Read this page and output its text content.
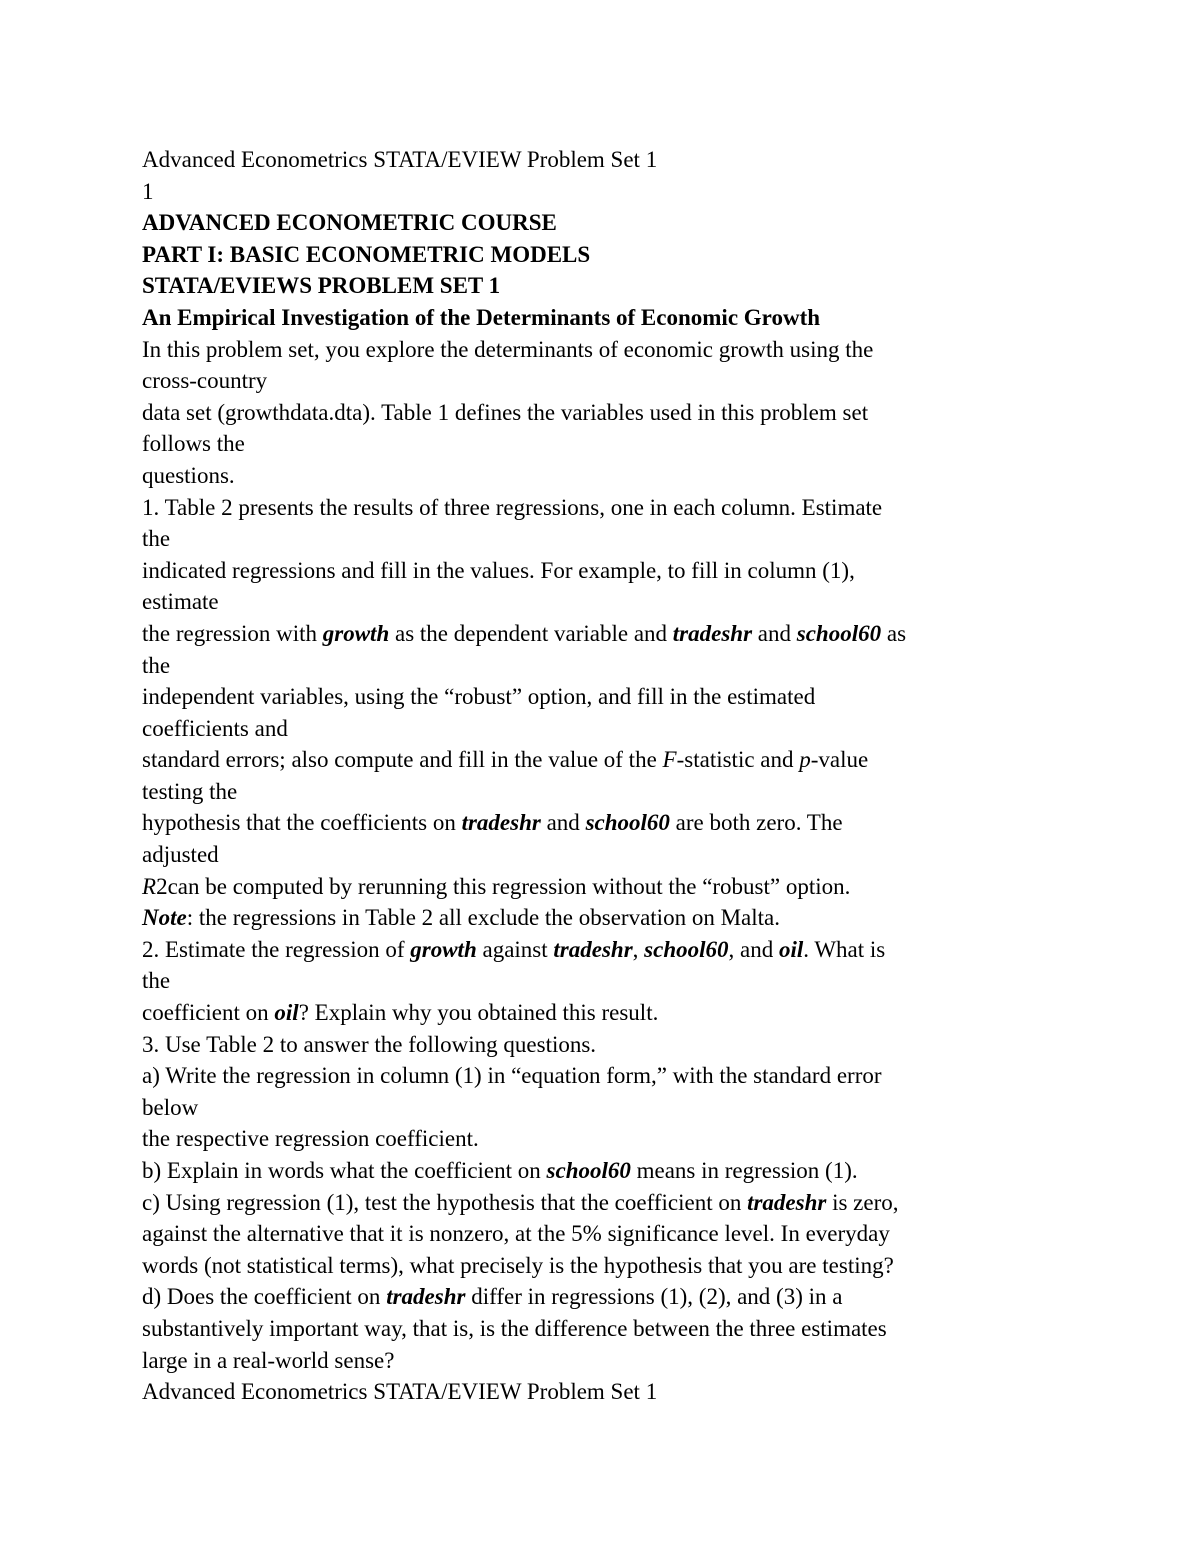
Advanced Econometrics STATA/EVIEW Problem Set 1
1
ADVANCED ECONOMETRIC COURSE
PART I: BASIC ECONOMETRIC MODELS
STATA/EVIEWS PROBLEM SET 1
An Empirical Investigation of the Determinants of Economic Growth
In this problem set, you explore the determinants of economic growth using the
cross-country
data set (growthdata.dta). Table 1 defines the variables used in this problem set
follows the
questions.
1. Table 2 presents the results of three regressions, one in each column. Estimate
the
indicated regressions and fill in the values. For example, to fill in column (1),
estimate
the regression with growth as the dependent variable and tradeshr and school60 as
the
independent variables, using the “robust” option, and fill in the estimated
coefficients and
standard errors; also compute and fill in the value of the F-statistic and p-value
testing the
hypothesis that the coefficients on tradeshr and school60 are both zero. The
adjusted
R2can be computed by rerunning this regression without the “robust” option.
Note: the regressions in Table 2 all exclude the observation on Malta.
2. Estimate the regression of growth against tradeshr, school60, and oil. What is
the
coefficient on oil? Explain why you obtained this result.
3. Use Table 2 to answer the following questions.
a) Write the regression in column (1) in “equation form,” with the standard error
below
the respective regression coefficient.
b) Explain in words what the coefficient on school60 means in regression (1).
c) Using regression (1), test the hypothesis that the coefficient on tradeshr is zero,
against the alternative that it is nonzero, at the 5% significance level. In everyday
words (not statistical terms), what precisely is the hypothesis that you are testing?
d) Does the coefficient on tradeshr differ in regressions (1), (2), and (3) in a
substantively important way, that is, is the difference between the three estimates
large in a real-world sense?
Advanced Econometrics STATA/EVIEW Problem Set 1
